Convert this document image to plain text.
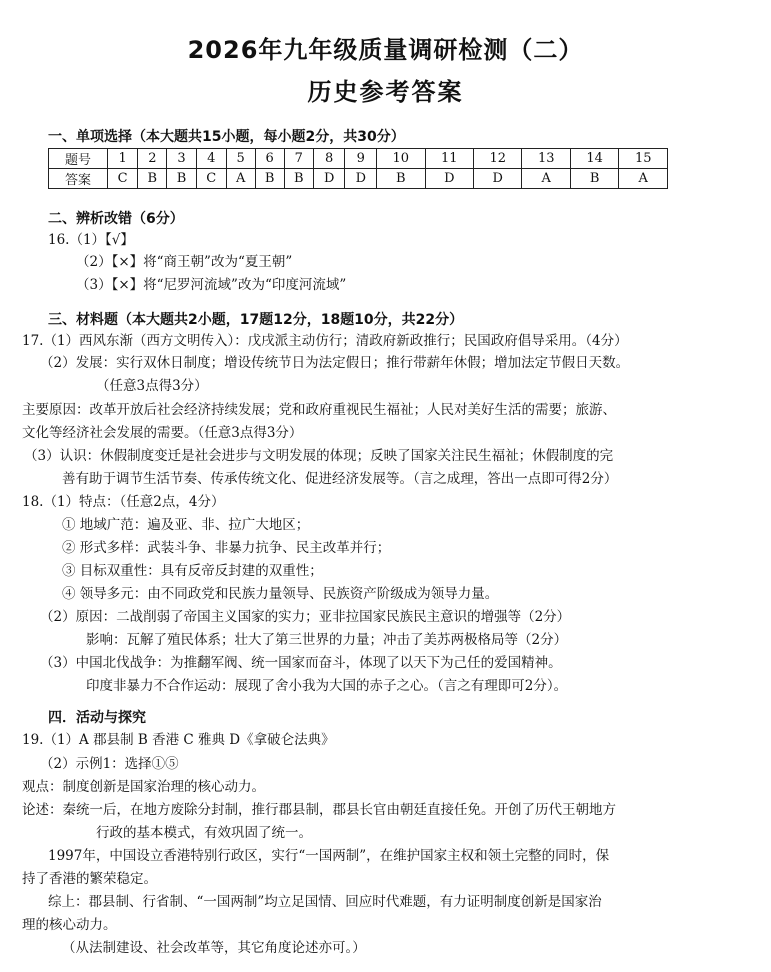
2026年九年级质量调研检测（二）
历史参考答案
一、单项选择（本大题共15小题，每小题2分，共30分）
题号	1	2	3	4	5	6	7	8	9	10	11	12	13	14	15
答案	C	B	B	C	A	B	B	D	D	B	D	D	A	B	A
二、辨析改错（6分）
16.（1）【√】
（2）【×】将“商王朝”改为“夏王朝”
（3）【×】将“尼罗河流域”改为“印度河流域”
三、材料题（本大题共2小题，17题12分，18题10分，共22分）
17.（1）西风东渐（西方文明传入）：戊戌派主动仿行；清政府新政推行；民国政府倡导采用。（4分）
（2）发展：实行双休日制度；增设传统节日为法定假日；推行带薪年休假；增加法定节假日天数。
（任意3点得3分）
主要原因：改革开放后社会经济持续发展；党和政府重视民生福祉；人民对美好生活的需要；旅游、
文化等经济社会发展的需要。（任意3点得3分）
（3）认识：休假制度变迁是社会进步与文明发展的体现；反映了国家关注民生福祉；休假制度的完
善有助于调节生活节奏、传承传统文化、促进经济发展等。（言之成理，答出一点即可得2分）
18.（1）特点：（任意2点，4分）
① 地域广范：遍及亚、非、拉广大地区；
② 形式多样：武装斗争、非暴力抗争、民主改革并行；
③ 目标双重性：具有反帝反封建的双重性；
④ 领导多元：由不同政党和民族力量领导、民族资产阶级成为领导力量。
（2）原因：二战削弱了帝国主义国家的实力；亚非拉国家民族民主意识的增强等（2分）
影响：瓦解了殖民体系；壮大了第三世界的力量；冲击了美苏两极格局等（2分）
（3）中国北伐战争：为推翻军阀、统一国家而奋斗，体现了以天下为己任的爱国精神。
印度非暴力不合作运动：展现了舍小我为大国的赤子之心。（言之有理即可2分）。
四．活动与探究
19.（1）A 郡县制 B 香港 C 雅典 D《拿破仑法典》
（2）示例1：选择①⑤
观点：制度创新是国家治理的核心动力。
论述：秦统一后，在地方废除分封制，推行郡县制，郡县长官由朝廷直接任免。开创了历代王朝地方
行政的基本模式，有效巩固了统一。
1997年，中国设立香港特别行政区，实行“一国两制”，在维护国家主权和领土完整的同时，保
持了香港的繁荣稳定。
综上：郡县制、行省制、“一国两制”均立足国情、回应时代难题，有力证明制度创新是国家治
理的核心动力。
（从法制建设、社会改革等，其它角度论述亦可。）
